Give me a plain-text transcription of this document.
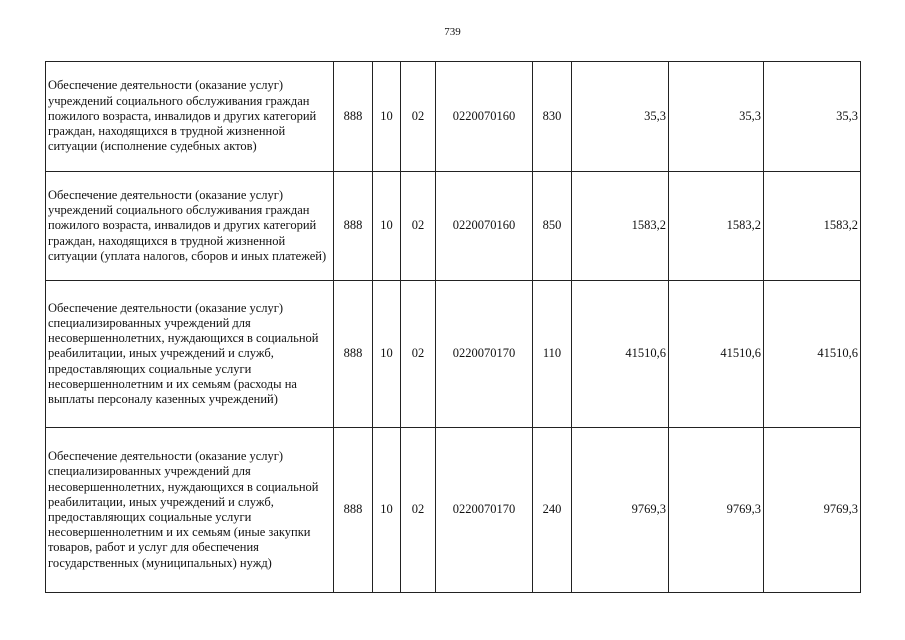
739
Обеспечение деятельности (оказание услуг) учреждений социального обслуживания граждан пожилого возраста, инвалидов и других категорий граждан, находящихся в трудной жизненной ситуации (исполнение судебных актов)	888	10	02	0220070160	830	35,3	35,3	35,3
Обеспечение деятельности (оказание услуг) учреждений социального обслуживания граждан пожилого возраста, инвалидов и других категорий граждан, находящихся в трудной жизненной ситуации (уплата налогов, сборов и иных платежей)	888	10	02	0220070160	850	1583,2	1583,2	1583,2
Обеспечение деятельности (оказание услуг) специализированных учреждений для несовершеннолетних, нуждающихся в социальной реабилитации, иных учреждений и служб, предоставляющих социальные услуги несовершеннолетним и их семьям (расходы на выплаты персоналу казенных учреждений)	888	10	02	0220070170	110	41510,6	41510,6	41510,6
Обеспечение деятельности (оказание услуг) специализированных учреждений для несовершеннолетних, нуждающихся в социальной реабилитации, иных учреждений и служб, предоставляющих социальные услуги несовершеннолетним и их семьям (иные закупки товаров, работ и услуг для обеспечения государственных (муниципальных) нужд)	888	10	02	0220070170	240	9769,3	9769,3	9769,3
